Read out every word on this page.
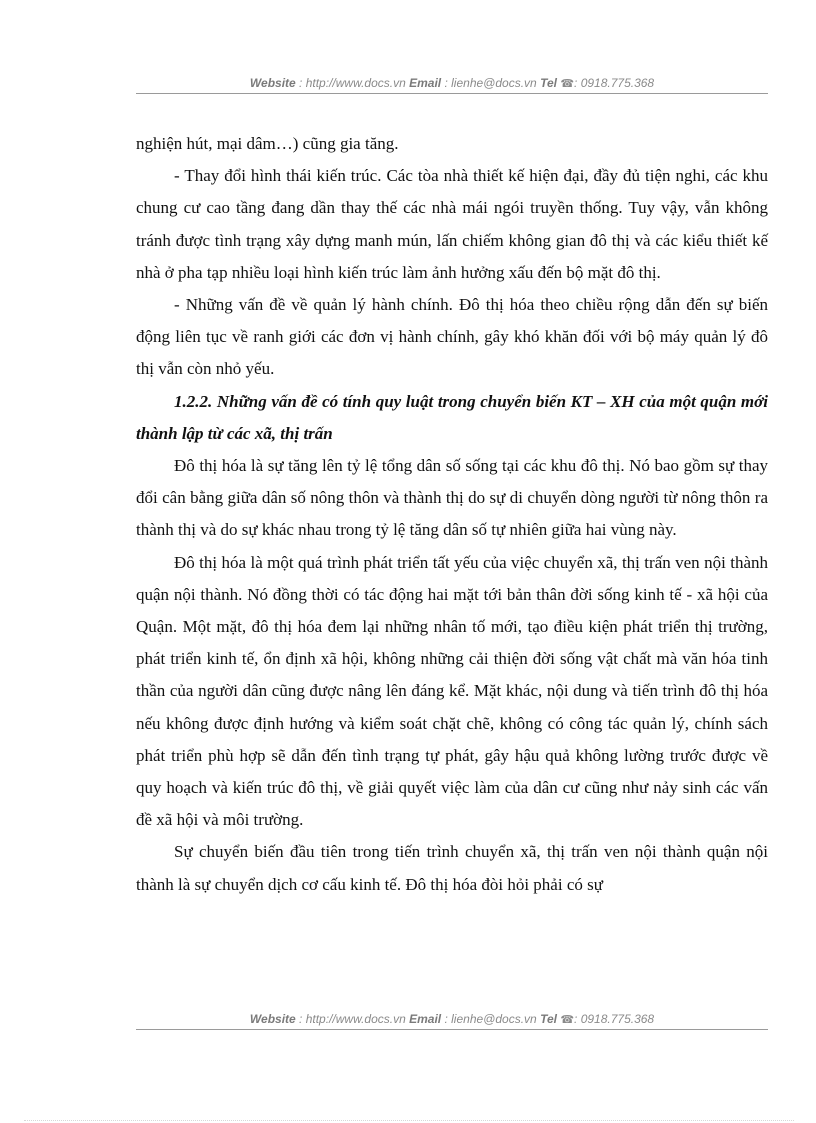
Website : http://www.docs.vn Email : lienhe@docs.vn Tel ☎: 0918.775.368

nghiện hút, mại dâm…) cũng gia tăng.

- Thay đổi hình thái kiến trúc. Các tòa nhà thiết kế hiện đại, đầy đủ tiện nghi, các khu chung cư cao tầng đang dần thay thế các nhà mái ngói truyền thống. Tuy vậy, vẫn không tránh được tình trạng xây dựng manh mún, lấn chiếm không gian đô thị và các kiểu thiết kế nhà ở pha tạp nhiều loại hình kiến trúc làm ảnh hưởng xấu đến bộ mặt đô thị.

- Những vấn đề về quản lý hành chính. Đô thị hóa theo chiều rộng dẫn đến sự biến động liên tục về ranh giới các đơn vị hành chính, gây khó khăn đối với bộ máy quản lý đô thị vẫn còn nhỏ yếu.

1.2.2. Những vấn đề có tính quy luật trong chuyển biến KT – XH của một quận mới thành lập từ các xã, thị trấn

Đô thị hóa là sự tăng lên tỷ lệ tổng dân số sống tại các khu đô thị. Nó bao gồm sự thay đổi cân bằng giữa dân số nông thôn và thành thị do sự di chuyển dòng người từ nông thôn ra thành thị và do sự khác nhau trong tỷ lệ tăng dân số tự nhiên giữa hai vùng này.

Đô thị hóa là một quá trình phát triển tất yếu của việc chuyển xã, thị trấn ven nội thành quận nội thành. Nó đồng thời có tác động hai mặt tới bản thân đời sống kinh tế - xã hội của Quận. Một mặt, đô thị hóa đem lại những nhân tố mới, tạo điều kiện phát triển thị trường, phát triển kinh tế, ổn định xã hội, không những cải thiện đời sống vật chất mà văn hóa tinh thần của người dân cũng được nâng lên đáng kể. Mặt khác, nội dung và tiến trình đô thị hóa nếu không được định hướng và kiểm soát chặt chẽ, không có công tác quản lý, chính sách phát triển phù hợp sẽ dẫn đến tình trạng tự phát, gây hậu quả không lường trước được về quy hoạch và kiến trúc đô thị, về giải quyết việc làm của dân cư cũng như nảy sinh các vấn đề xã hội và môi trường.

Sự chuyển biến đầu tiên trong tiến trình chuyển xã, thị trấn ven nội thành quận nội thành là sự chuyển dịch cơ cấu kinh tế. Đô thị hóa đòi hỏi phải có sự

Website : http://www.docs.vn Email : lienhe@docs.vn Tel ☎: 0918.775.368
